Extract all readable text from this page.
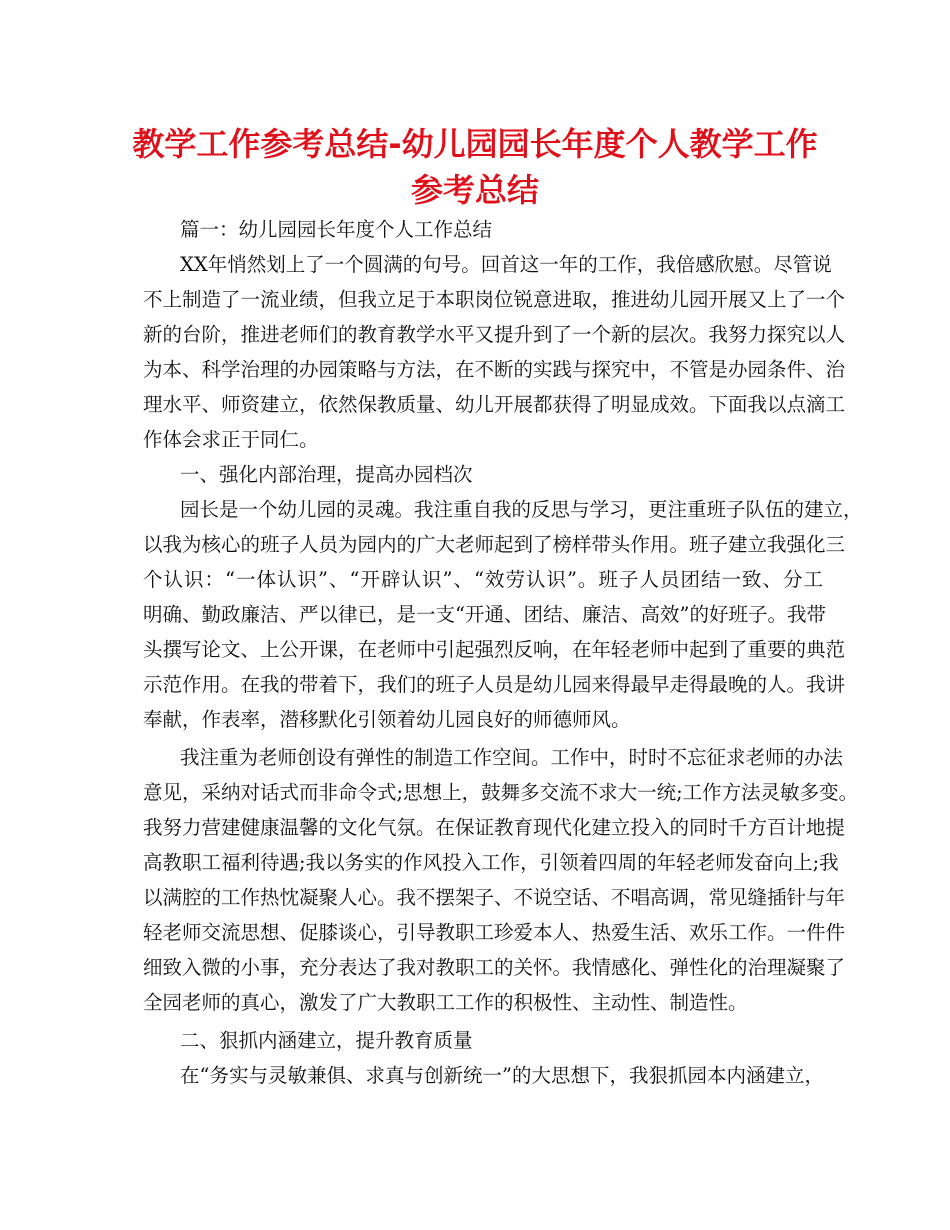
教学工作参考总结-幼儿园园长年度个人教学工作
参考总结
篇一：幼儿园园长年度个人工作总结
XX年悄然划上了一个圆满的句号。回首这一年的工作，我倍感欣慰。尽管说
不上制造了一流业绩，但我立足于本职岗位锐意进取，推进幼儿园开展又上了一个
新的台阶，推进老师们的教育教学水平又提升到了一个新的层次。我努力探究以人
为本、科学治理的办园策略与方法，在不断的实践与探究中，不管是办园条件、治
理水平、师资建立，依然保教质量、幼儿开展都获得了明显成效。下面我以点滴工
作体会求正于同仁。
一、强化内部治理，提高办园档次
园长是一个幼儿园的灵魂。我注重自我的反思与学习，更注重班子队伍的建立，
以我为核心的班子人员为园内的广大老师起到了榜样带头作用。班子建立我强化三
个认识：“一体认识”、“开辟认识”、“效劳认识”。班子人员团结一致、分工
明确、勤政廉洁、严以律已，是一支“开通、团结、廉洁、高效”的好班子。我带
头撰写论文、上公开课，在老师中引起强烈反响，在年轻老师中起到了重要的典范
示范作用。在我的带着下，我们的班子人员是幼儿园来得最早走得最晚的人。我讲
奉献，作表率，潜移默化引领着幼儿园良好的师德师风。
我注重为老师创设有弹性的制造工作空间。工作中，时时不忘征求老师的办法
意见，采纳对话式而非命令式;思想上，鼓舞多交流不求大一统;工作方法灵敏多变。
我努力营建健康温馨的文化气氛。在保证教育现代化建立投入的同时千方百计地提
高教职工福利待遇;我以务实的作风投入工作，引领着四周的年轻老师发奋向上;我
以满腔的工作热忱凝聚人心。我不摆架子、不说空话、不唱高调，常见缝插针与年
轻老师交流思想、促膝谈心，引导教职工珍爱本人、热爱生活、欢乐工作。一件件
细致入微的小事，充分表达了我对教职工的关怀。我情感化、弹性化的治理凝聚了
全园老师的真心，激发了广大教职工工作的积极性、主动性、制造性。
二、狠抓内涵建立，提升教育质量
在“务实与灵敏兼俱、求真与创新统一”的大思想下，我狠抓园本内涵建立，
